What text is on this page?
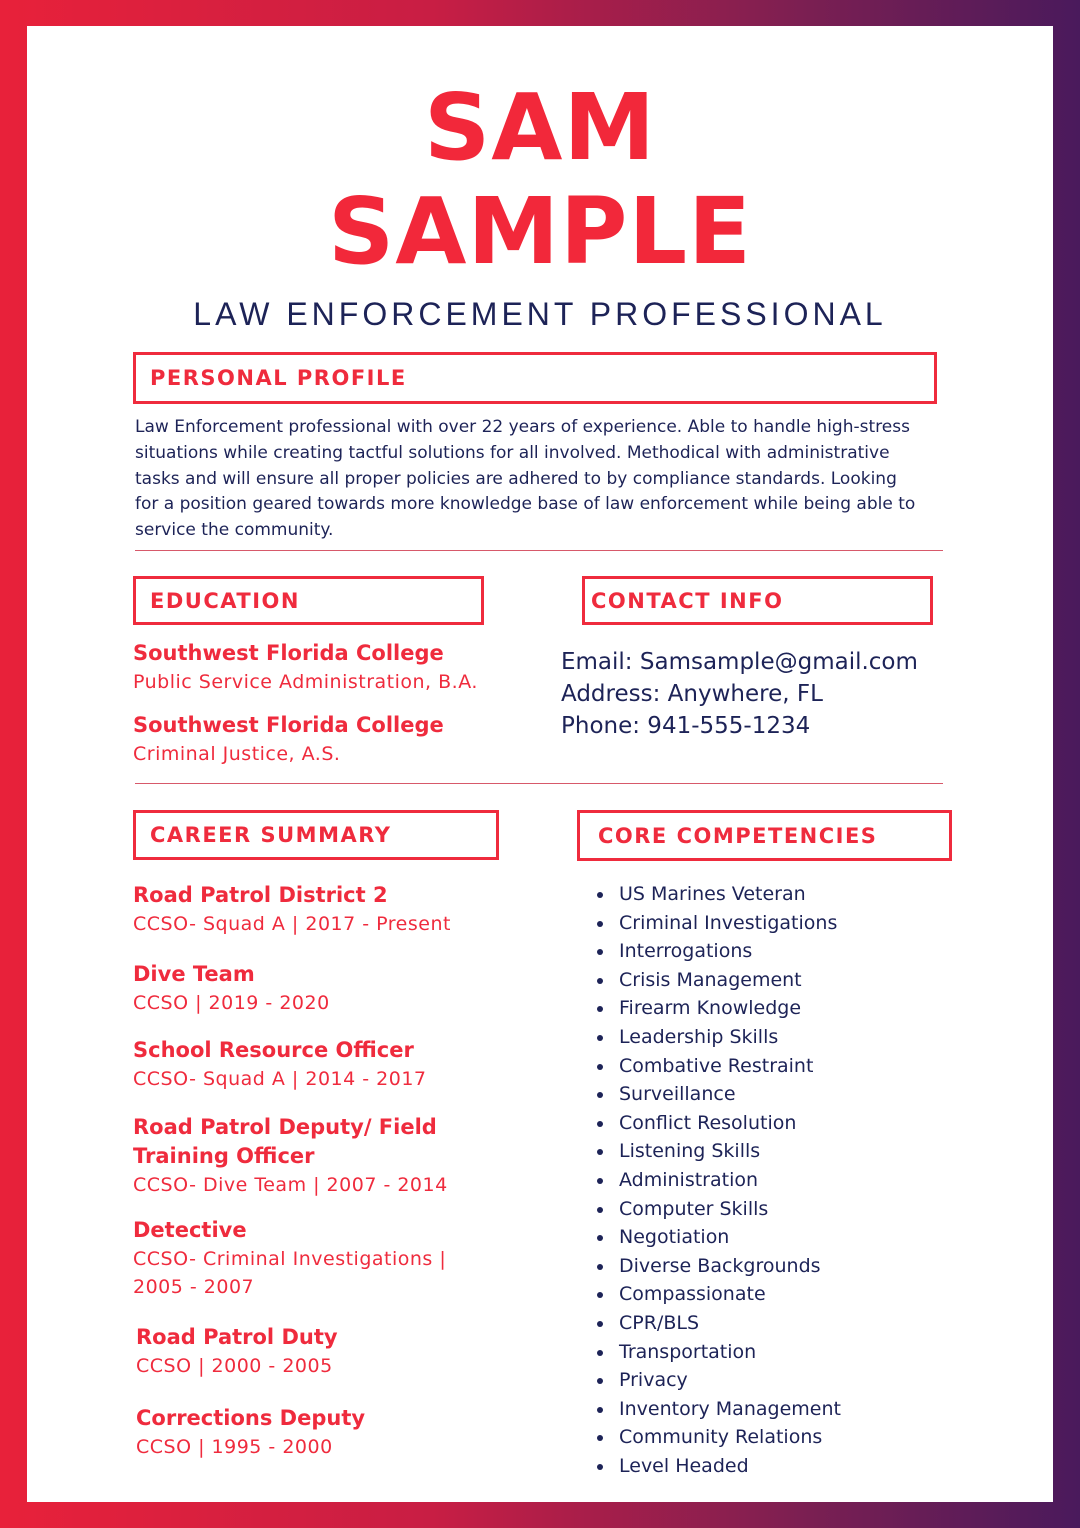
SAM
SAMPLE
LAW ENFORCEMENT PROFESSIONAL
PERSONAL PROFILE
Law Enforcement professional with over 22 years of experience. Able to handle high-stress situations while creating tactful solutions for all involved. Methodical with administrative tasks and will ensure all proper policies are adhered to by compliance standards. Looking for a position geared towards more knowledge base of law enforcement while being able to service the community.
EDUCATION
Southwest Florida College
Public Service Administration, B.A.
Southwest Florida College
Criminal Justice, A.S.
CONTACT INFO
Email: Samsample@gmail.com
Address: Anywhere, FL
Phone: 941-555-1234
CAREER SUMMARY
Road Patrol District 2
CCSO- Squad A | 2017 - Present
Dive Team
CCSO | 2019 - 2020
School Resource Officer
CCSO- Squad A | 2014 - 2017
Road Patrol Deputy/ Field Training Officer
CCSO- Dive Team | 2007 - 2014
Detective
CCSO- Criminal Investigations | 2005 - 2007
Road Patrol Duty
CCSO | 2000 - 2005
Corrections Deputy
CCSO | 1995 - 2000
CORE COMPETENCIES
• US Marines Veteran
• Criminal Investigations
• Interrogations
• Crisis Management
• Firearm Knowledge
• Leadership Skills
• Combative Restraint
• Surveillance
• Conflict Resolution
• Listening Skills
• Administration
• Computer Skills
• Negotiation
• Diverse Backgrounds
• Compassionate
• CPR/BLS
• Transportation
• Privacy
• Inventory Management
• Community Relations
• Level Headed
